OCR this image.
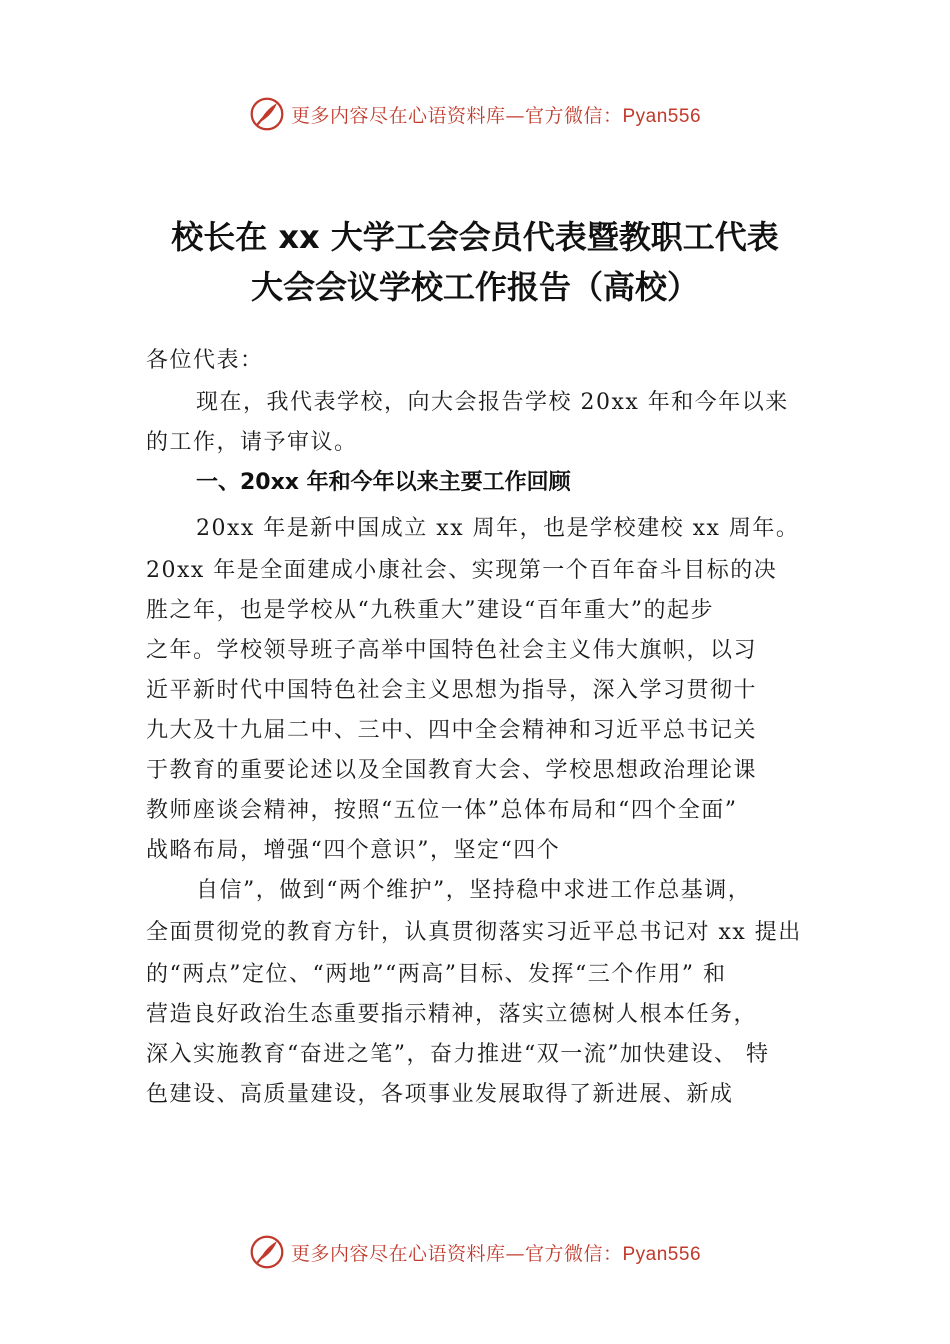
更多内容尽在心语资料库—官方微信：Pyan556
校长在 xx 大学工会会员代表暨教职工代表
大会会议学校工作报告（高校）
各位代表：
现在，我代表学校，向大会报告学校 20xx 年和今年以来
的工作，请予审议。
一、20xx 年和今年以来主要工作回顾
20xx 年是新中国成立 xx 周年，也是学校建校 xx 周年。
20xx 年是全面建成小康社会、实现第一个百年奋斗目标的决
胜之年，也是学校从“九秩重大”建设“百年重大”的起步
之年。学校领导班子高举中国特色社会主义伟大旗帜，以习
近平新时代中国特色社会主义思想为指导，深入学习贯彻十
九大及十九届二中、三中、四中全会精神和习近平总书记关
于教育的重要论述以及全国教育大会、学校思想政治理论课
教师座谈会精神，按照“五位一体”总体布局和“四个全面”
战略布局，增强“四个意识”，坚定“四个
自信”，做到“两个维护”，坚持稳中求进工作总基调，
全面贯彻党的教育方针，认真贯彻落实习近平总书记对 xx 提出
的“两点”定位、“两地”“两高”目标、发挥“三个作用” 和
营造良好政治生态重要指示精神，落实立德树人根本任务，
深入实施教育“奋进之笔”，奋力推进“双一流”加快建设、 特
色建设、高质量建设，各项事业发展取得了新进展、新成
更多内容尽在心语资料库—官方微信：Pyan556
